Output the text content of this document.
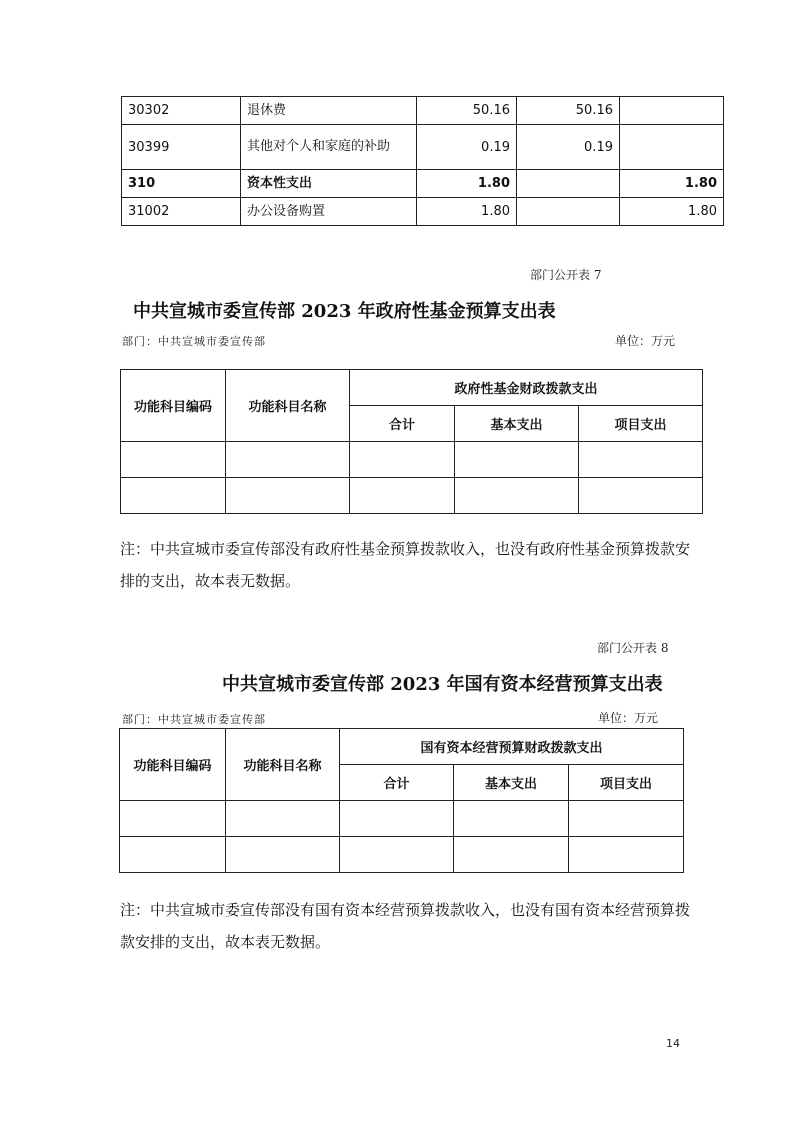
30302	退休费	50.16	50.16	
30399	其他对个人和家庭的补助	0.19	0.19	
310	资本性支出	1.80		1.80
31002	办公设备购置	1.80		1.80
部门公开表 7
中共宣城市委宣传部 2023 年政府性基金预算支出表
部门：中共宣城市委宣传部	单位：万元
功能科目编码	功能科目名称	政府性基金财政拨款支出		
		合计	基本支出	项目支出

注：中共宣城市委宣传部没有政府性基金预算拨款收入，也没有政府性基金预算拨款安排的支出，故本表无数据。
部门公开表 8
中共宣城市委宣传部 2023 年国有资本经营预算支出表
部门：中共宣城市委宣传部	单位：万元
功能科目编码	功能科目名称	国有资本经营预算财政拨款支出		
		合计	基本支出	项目支出

注：中共宣城市委宣传部没有国有资本经营预算拨款收入，也没有国有资本经营预算拨款安排的支出，故本表无数据。
14
